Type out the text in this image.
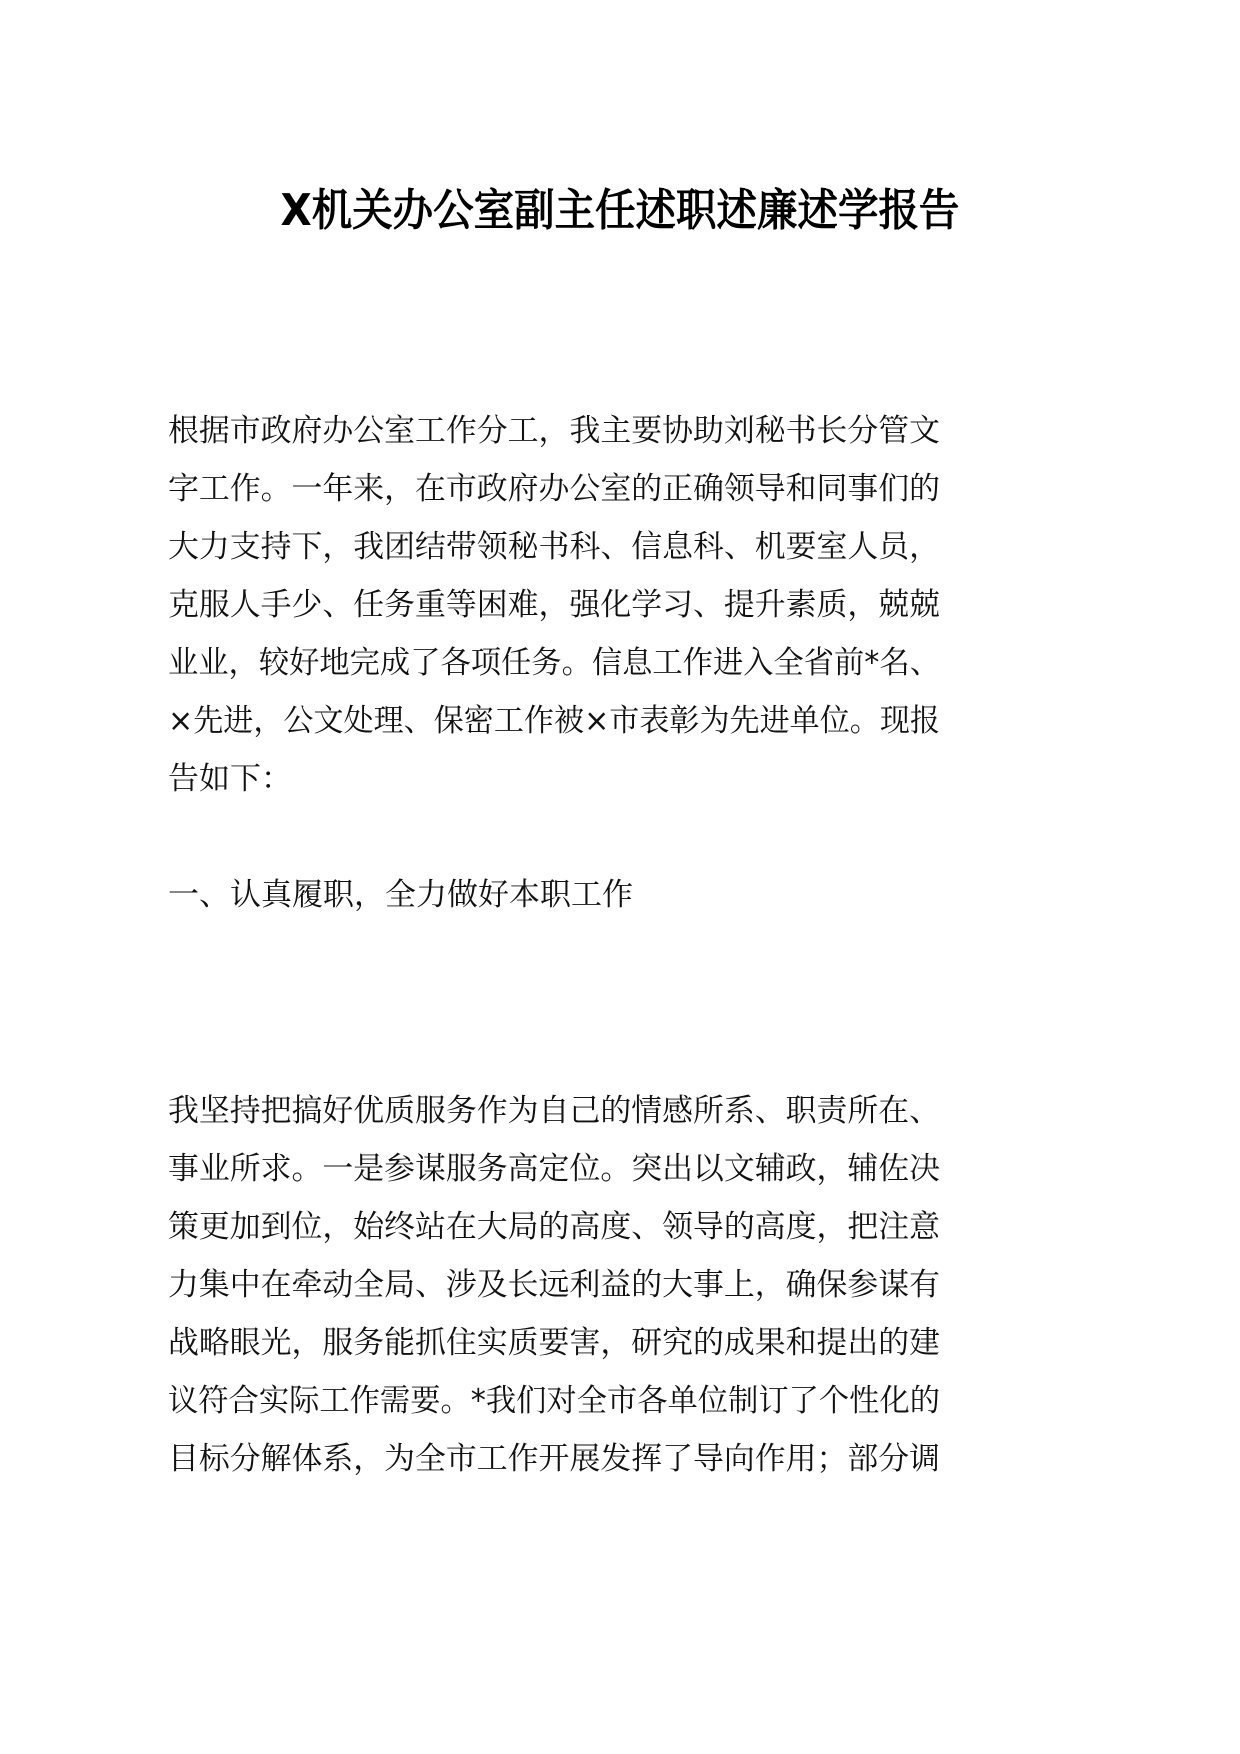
X机关办公室副主任述职述廉述学报告
根据市政府办公室工作分工，我主要协助刘秘书长分管文
字工作。一年来，在市政府办公室的正确领导和同事们的
大力支持下，我团结带领秘书科、信息科、机要室人员，
克服人手少、任务重等困难，强化学习、提升素质，兢兢
业业，较好地完成了各项任务。信息工作进入全省前*名、
×先进，公文处理、保密工作被×市表彰为先进单位。现报
告如下：
一、认真履职，全力做好本职工作
我坚持把搞好优质服务作为自己的情感所系、职责所在、
事业所求。一是参谋服务高定位。突出以文辅政，辅佐决
策更加到位，始终站在大局的高度、领导的高度，把注意
力集中在牵动全局、涉及长远利益的大事上，确保参谋有
战略眼光，服务能抓住实质要害，研究的成果和提出的建
议符合实际工作需要。*我们对全市各单位制订了个性化的
目标分解体系，为全市工作开展发挥了导向作用；部分调
